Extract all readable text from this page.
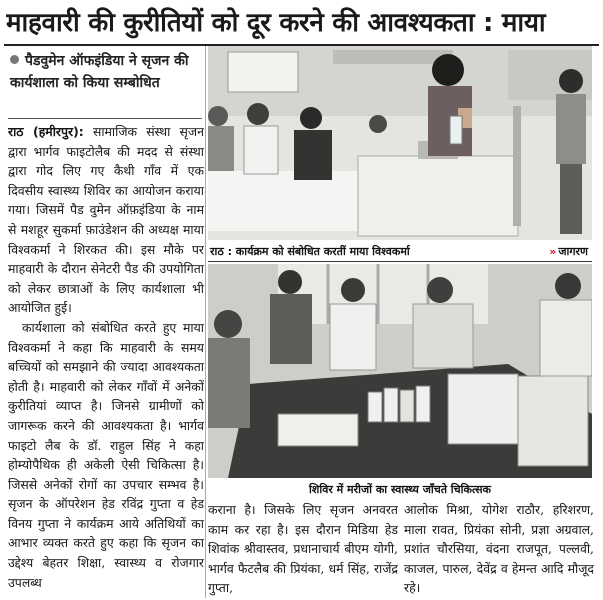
माहवारी की कुरीतियों को दूर करने की आवश्यकता : माया
पैडवुमेन ऑफइंडिया ने सृजन की कार्यशाला को किया सम्बोधित

राठ (हमीरपुर): सामाजिक संस्था सृजन द्वारा भार्गव फाइटोलैब की मदद से संस्था द्वारा गोद लिए गए कैथी गाँव में एक दिवसीय स्वास्थ्य शिविर का आयोजन कराया गया। जिसमें पैड वुमेन ऑफ़इंडिया के नाम से मशहूर सुकर्मा फ़ाउंडेशन की अध्यक्ष माया विश्वकर्मा ने शिरकत की। इस मौके पर माहवारी के दौरान सेनेटरी पैड की उपयोगिता को लेकर छात्राओं के लिए कार्यशाला भी आयोजित हुई।

कार्यशाला को संबोधित करते हुए माया विश्वकर्मा ने कहा कि माहवारी के समय बच्चियों को समझाने की ज्यादा आवश्यकता होती है। माहवारी को लेकर गाँवों में अनेकों कुरीतियां व्याप्त है। जिनसे ग्रामीणों को जागरूक करने की आवश्यकता है। भार्गव फाइटो लैब के डॉ. राहुल सिंह ने कहा होम्योपैथिक ही अकेली ऐसी चिकित्सा है। जिससे अनेकों रोगों का उपचार सम्भव है। सृजन के ऑपरेशन हेड रविंद्र गुप्ता व हेड विनय गुप्ता ने कार्यक्रम आये अतिथियों का आभार व्यक्त करते हुए कहा कि सृजन का उद्देश्य बेहतर शिक्षा, स्वास्थ्य व रोजगार उपलब्ध

राठ : कार्यक्रम को संबोधित करतीं माया विश्वकर्मा	» जागरण
शिविर में मरीजों का स्वास्थ्य जाँचते चिकित्सक
कराना है। जिसके लिए सृजन अनवरत काम कर रहा है। इस दौरान मिडिया हेड शिवांक श्रीवास्तव, प्रधानाचार्य बीएम योगी, भार्गव फैटलैब की प्रियंका, धर्म सिंह, राजेंद्र गुप्ता,
आलोक मिश्रा, योगेश राठौर, हरिशरण, माला रावत, प्रियंका सोनी, प्रज्ञा अग्रवाल, प्रशांत चौरसिया, वंदना राजपूत, पल्लवी, काजल, पारुल, देवेंद्र व हेमन्त आदि मौजूद रहे।
